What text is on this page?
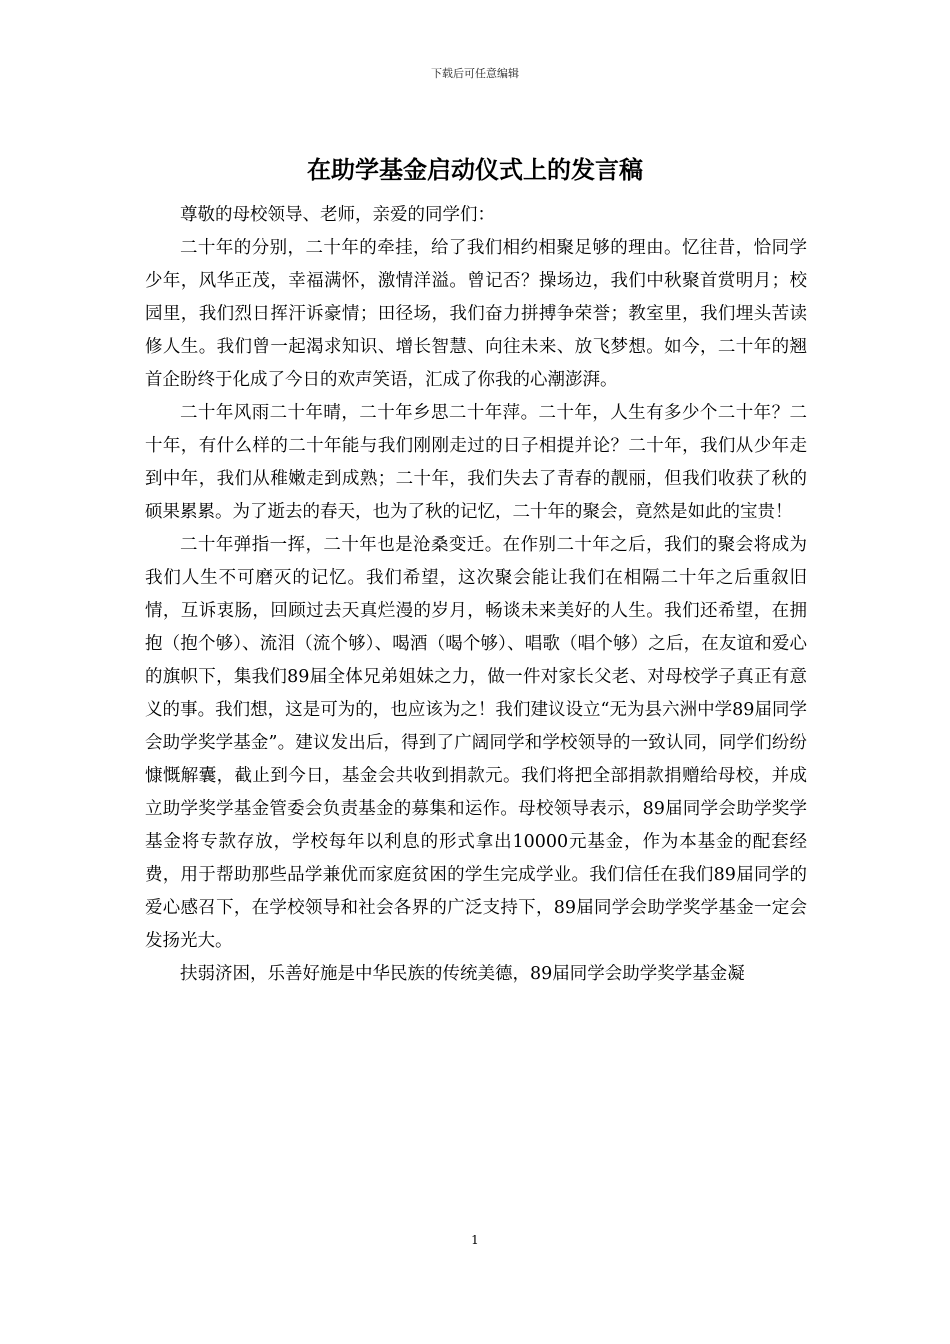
下载后可任意编辑
在助学基金启动仪式上的发言稿

尊敬的母校领导、老师，亲爱的同学们：

二十年的分别，二十年的牵挂，给了我们相约相聚足够的理由。忆往昔，恰同学少年，风华正茂，幸福满怀，激情洋溢。曾记否？操场边，我们中秋聚首赏明月；校园里，我们烈日挥汗诉豪情；田径场，我们奋力拼搏争荣誉；教室里，我们埋头苦读修人生。我们曾一起渴求知识、增长智慧、向往未来、放飞梦想。如今，二十年的翘首企盼终于化成了今日的欢声笑语，汇成了你我的心潮澎湃。

二十年风雨二十年晴，二十年乡思二十年萍。二十年，人生有多少个二十年？二十年，有什么样的二十年能与我们刚刚走过的日子相提并论？二十年，我们从少年走到中年，我们从稚嫩走到成熟；二十年，我们失去了青春的靓丽，但我们收获了秋的硕果累累。为了逝去的春天，也为了秋的记忆，二十年的聚会，竟然是如此的宝贵！

二十年弹指一挥，二十年也是沧桑变迁。在作别二十年之后，我们的聚会将成为我们人生不可磨灭的记忆。我们希望，这次聚会能让我们在相隔二十年之后重叙旧情，互诉衷肠，回顾过去天真烂漫的岁月，畅谈未来美好的人生。我们还希望，在拥抱（抱个够）、流泪（流个够）、喝酒（喝个够）、唱歌（唱个够）之后，在友谊和爱心的旗帜下，集我们89届全体兄弟姐妹之力，做一件对家长父老、对母校学子真正有意义的事。我们想，这是可为的，也应该为之！我们建议设立“无为县六洲中学89届同学会助学奖学基金”。建议发出后，得到了广阔同学和学校领导的一致认同，同学们纷纷慷慨解囊，截止到今日，基金会共收到捐款元。我们将把全部捐款捐赠给母校，并成立助学奖学基金管委会负责基金的募集和运作。母校领导表示，89届同学会助学奖学基金将专款存放，学校每年以利息的形式拿出10000元基金，作为本基金的配套经费，用于帮助那些品学兼优而家庭贫困的学生完成学业。我们信任在我们89届同学的爱心感召下，在学校领导和社会各界的广泛支持下，89届同学会助学奖学基金一定会发扬光大。

扶弱济困，乐善好施是中华民族的传统美德，89届同学会助学奖学基金凝

1
